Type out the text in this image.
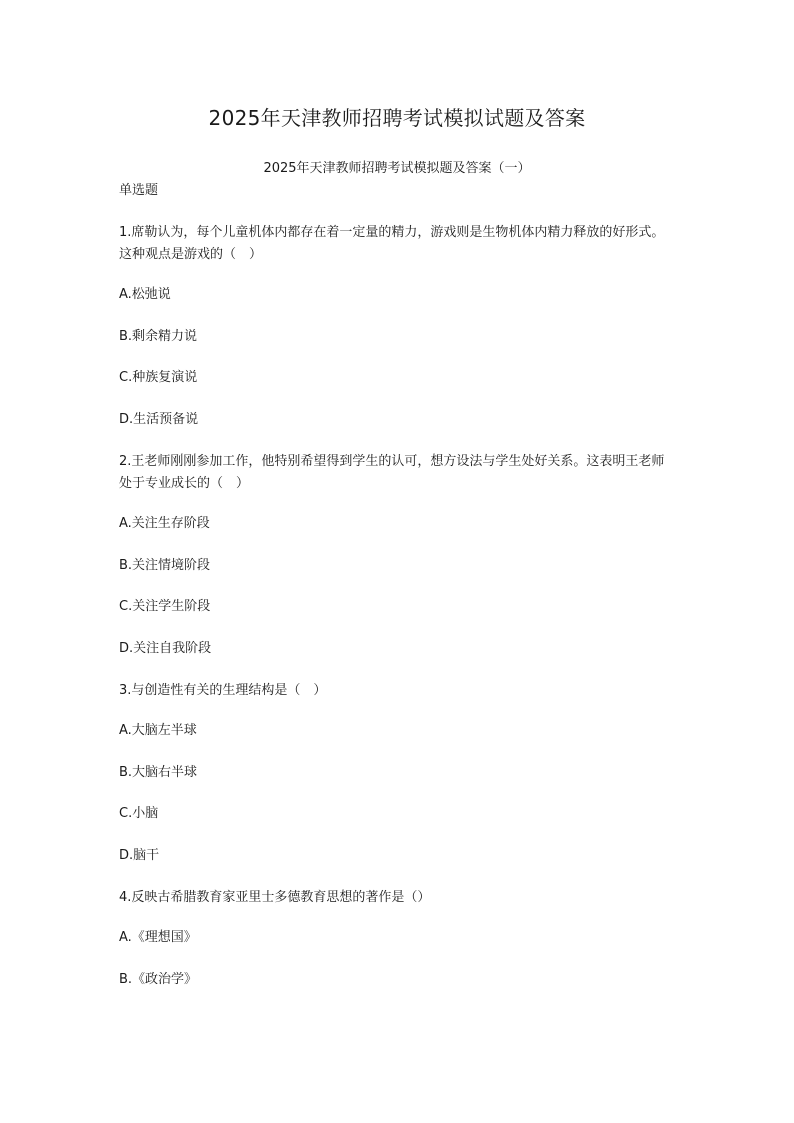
2025年天津教师招聘考试模拟试题及答案
2025年天津教师招聘考试模拟题及答案（一）
单选题
1.席勒认为，每个儿童机体内都存在着一定量的精力，游戏则是生物机体内精力释放的好形式。这种观点是游戏的（　）
A.松弛说
B.剩余精力说
C.种族复演说
D.生活预备说
2.王老师刚刚参加工作，他特别希望得到学生的认可，想方设法与学生处好关系。这表明王老师处于专业成长的（　）
A.关注生存阶段
B.关注情境阶段
C.关注学生阶段
D.关注自我阶段
3.与创造性有关的生理结构是（　）
A.大脑左半球
B.大脑右半球
C.小脑
D.脑干
4.反映古希腊教育家亚里士多德教育思想的著作是（）
A.《理想国》
B.《政治学》
